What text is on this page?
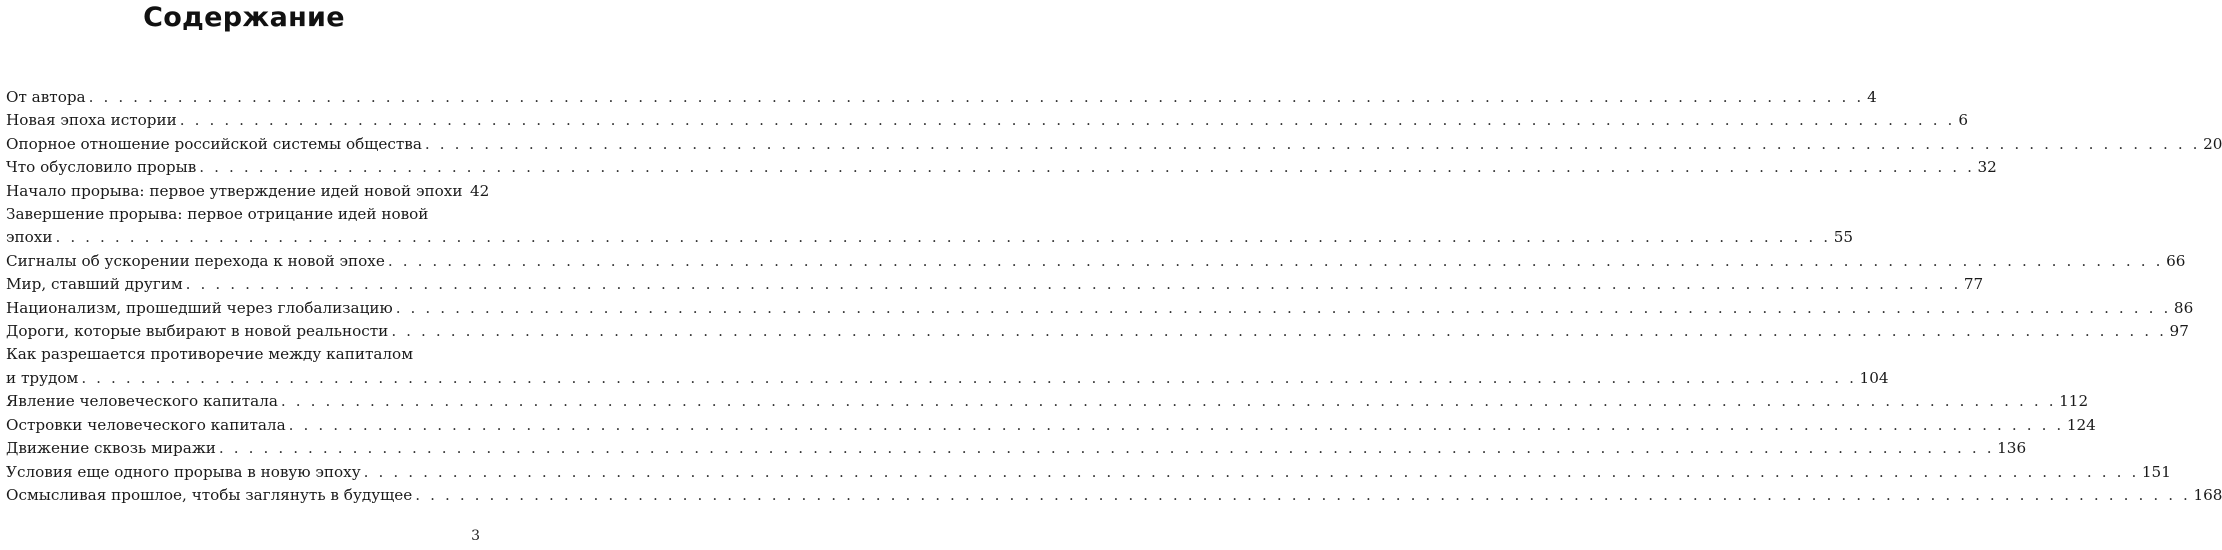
Содержание
От автора . . . . . . . . . . . . . . . . . . . . . . . . . . . . . . . . . . . . . . . . . . . . . . . . . . . . . . . . . . . . . . . . . . . . . . . . . . . . . . . . . . . . . . . . . . . . . . . . . . . . . . . . . . . . . . . . . . . . . . . . 4
Новая эпоха истории . . . . . . . . . . . . . . . . . . . . . . . . . . . . . . . . . . . . . . . . . . . . . . . . . . . . . . . . . . . . . . . . . . . . . . . . . . . . . . . . . . . . . . . . . . . . . . . . . . . . . . . . . . . . . . . . . . . . . . . . 6
Опорное отношение российской системы общества . . . . . . . . . . . . . . . . . . . . . . . . . . . . . . . . . . . . . . . . . . . . . . . . . . . . . . . . . . . . . . . . . . . . . . . . . . . . . . . . . . . . . . . . . . . . . . . . . . . . . . . . . . . . . . . . . . . . . . . . 20
Что обусловило прорыв . . . . . . . . . . . . . . . . . . . . . . . . . . . . . . . . . . . . . . . . . . . . . . . . . . . . . . . . . . . . . . . . . . . . . . . . . . . . . . . . . . . . . . . . . . . . . . . . . . . . . . . . . . . . . . . . . . . . . . . . 32
Начало прорыва: первое утверждение идей новой эпохи 42
Завершение прорыва: первое отрицание идей новой
эпохи . . . . . . . . . . . . . . . . . . . . . . . . . . . . . . . . . . . . . . . . . . . . . . . . . . . . . . . . . . . . . . . . . . . . . . . . . . . . . . . . . . . . . . . . . . . . . . . . . . . . . . . . . . . . . . . . . . . . . . . . 55
Сигналы об ускорении перехода к новой эпохе . . . . . . . . . . . . . . . . . . . . . . . . . . . . . . . . . . . . . . . . . . . . . . . . . . . . . . . . . . . . . . . . . . . . . . . . . . . . . . . . . . . . . . . . . . . . . . . . . . . . . . . . . . . . . . . . . . . . . . . . 66
Мир, ставший другим . . . . . . . . . . . . . . . . . . . . . . . . . . . . . . . . . . . . . . . . . . . . . . . . . . . . . . . . . . . . . . . . . . . . . . . . . . . . . . . . . . . . . . . . . . . . . . . . . . . . . . . . . . . . . . . . . . . . . . . . 77
Национализм, прошедший через глобализацию . . . . . . . . . . . . . . . . . . . . . . . . . . . . . . . . . . . . . . . . . . . . . . . . . . . . . . . . . . . . . . . . . . . . . . . . . . . . . . . . . . . . . . . . . . . . . . . . . . . . . . . . . . . . . . . . . . . . . . . . 86
Дороги, которые выбирают в новой реальности . . . . . . . . . . . . . . . . . . . . . . . . . . . . . . . . . . . . . . . . . . . . . . . . . . . . . . . . . . . . . . . . . . . . . . . . . . . . . . . . . . . . . . . . . . . . . . . . . . . . . . . . . . . . . . . . . . . . . . . . 97
Как разрешается противоречие между капиталом
и трудом . . . . . . . . . . . . . . . . . . . . . . . . . . . . . . . . . . . . . . . . . . . . . . . . . . . . . . . . . . . . . . . . . . . . . . . . . . . . . . . . . . . . . . . . . . . . . . . . . . . . . . . . . . . . . . . . . . . . . . . . 104
Явление человеческого капитала . . . . . . . . . . . . . . . . . . . . . . . . . . . . . . . . . . . . . . . . . . . . . . . . . . . . . . . . . . . . . . . . . . . . . . . . . . . . . . . . . . . . . . . . . . . . . . . . . . . . . . . . . . . . . . . . . . . . . . . . 112
Островки человеческого капитала . . . . . . . . . . . . . . . . . . . . . . . . . . . . . . . . . . . . . . . . . . . . . . . . . . . . . . . . . . . . . . . . . . . . . . . . . . . . . . . . . . . . . . . . . . . . . . . . . . . . . . . . . . . . . . . . . . . . . . . . 124
Движение сквозь миражи . . . . . . . . . . . . . . . . . . . . . . . . . . . . . . . . . . . . . . . . . . . . . . . . . . . . . . . . . . . . . . . . . . . . . . . . . . . . . . . . . . . . . . . . . . . . . . . . . . . . . . . . . . . . . . . . . . . . . . . . 136
Условия еще одного прорыва в новую эпоху . . . . . . . . . . . . . . . . . . . . . . . . . . . . . . . . . . . . . . . . . . . . . . . . . . . . . . . . . . . . . . . . . . . . . . . . . . . . . . . . . . . . . . . . . . . . . . . . . . . . . . . . . . . . . . . . . . . . . . . . 151
Осмысливая прошлое, чтобы заглянуть в будущее . . . . . . . . . . . . . . . . . . . . . . . . . . . . . . . . . . . . . . . . . . . . . . . . . . . . . . . . . . . . . . . . . . . . . . . . . . . . . . . . . . . . . . . . . . . . . . . . . . . . . . . . . . . . . . . . . . . . . . . . 168
3
